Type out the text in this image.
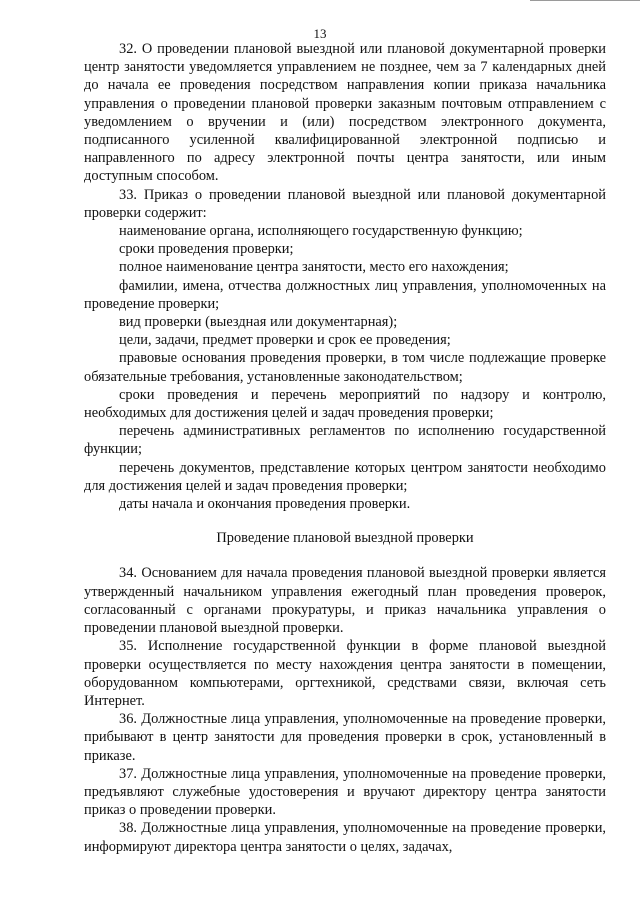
13

32. О проведении плановой выездной или плановой документарной проверки центр занятости уведомляется управлением не позднее, чем за 7 календарных дней до начала ее проведения посредством направления копии приказа начальника управления о проведении плановой проверки заказным почтовым отправлением с уведомлением о вручении и (или) посредством электронного документа, подписанного усиленной квалифицированной электронной подписью и направленного по адресу электронной почты центра занятости, или иным доступным способом.

33. Приказ о проведении плановой выездной или плановой документарной проверки содержит:

наименование органа, исполняющего государственную функцию;

сроки проведения проверки;

полное наименование центра занятости, место его нахождения;

фамилии, имена, отчества должностных лиц управления, уполномоченных на проведение проверки;

вид проверки (выездная или документарная);

цели, задачи, предмет проверки и срок ее проведения;

правовые основания проведения проверки, в том числе подлежащие проверке обязательные требования, установленные законодательством;

сроки проведения и перечень мероприятий по надзору и контролю, необходимых для достижения целей и задач проведения проверки;

перечень административных регламентов по исполнению государственной функции;

перечень документов, представление которых центром занятости необходимо для достижения целей и задач проведения проверки;

даты начала и окончания проведения проверки.

Проведение плановой выездной проверки

34. Основанием для начала проведения плановой выездной проверки является утвержденный начальником управления ежегодный план проведения проверок, согласованный с органами прокуратуры, и приказ начальника управления о проведении плановой выездной проверки.

35. Исполнение государственной функции в форме плановой выездной проверки осуществляется по месту нахождения центра занятости в помещении, оборудованном компьютерами, оргтехникой, средствами связи, включая сеть Интернет.

36. Должностные лица управления, уполномоченные на проведение проверки, прибывают в центр занятости для проведения проверки в срок, установленный в приказе.

37. Должностные лица управления, уполномоченные на проведение проверки, предъявляют служебные удостоверения и вручают директору центра занятости приказ о проведении проверки.

38. Должностные лица управления, уполномоченные на проведение проверки, информируют директора центра занятости о целях, задачах,
